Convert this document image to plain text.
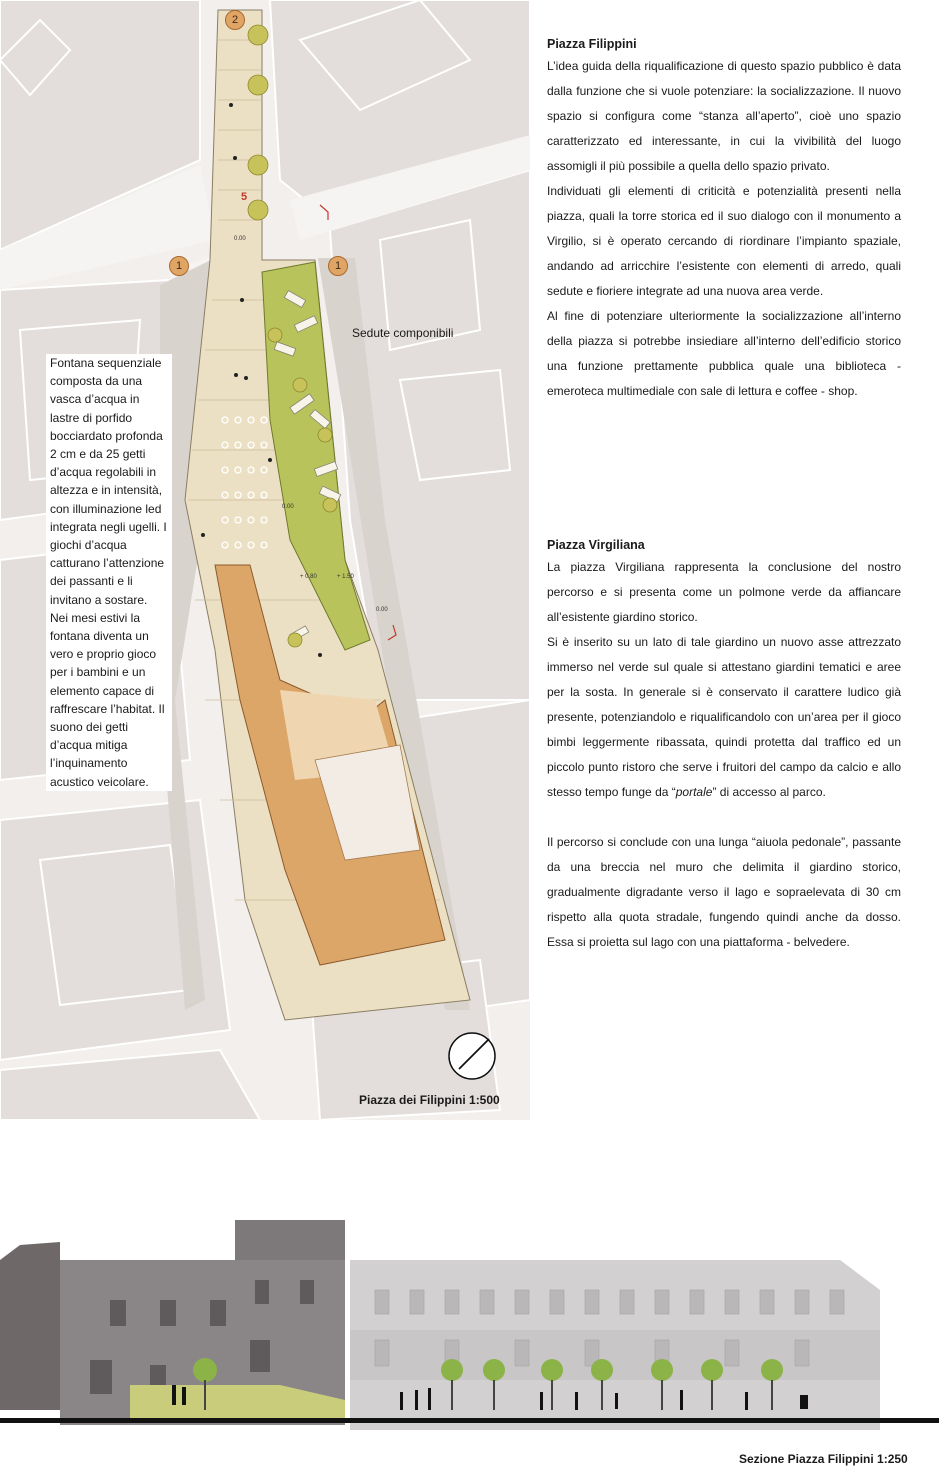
0.00
0.00
+ 0.80	+ 1.50
0.00
5
2
1	1
Sedute componibili
Fontana sequenziale composta da una vasca d’acqua in lastre di porfido bocciardato profonda 2 cm e da 25 getti d’acqua regolabili in altezza e in intensità, con illuminazione led integrata negli ugelli. I giochi d’acqua catturano l’attenzione dei passanti e li invitano a sostare. Nei mesi estivi la fontana diventa un vero e proprio gioco per i bambini e un elemento capace di raffrescare l’habitat. Il suono dei getti d’acqua mitiga l’inquinamento acustico veicolare.
Piazza dei Filippini 1:500
Piazza Filippini

L’idea guida della riqualificazione di questo spazio pubblico è data dalla funzione che si vuole potenziare: la socializzazione. Il nuovo spazio si configura come “stanza all’aperto”, cioè uno spazio caratterizzato ed interessante, in cui la vivibilità del luogo assomigli il più possibile a quella dello spazio privato.

Individuati gli elementi di criticità e potenzialità presenti nella piazza, quali la torre storica ed il suo dialogo con il monumento a Virgilio, si è operato cercando di riordinare l’impianto spaziale, andando ad arricchire l’esistente con elementi di arredo, quali sedute e fioriere integrate ad una nuova area verde.

Al fine di potenziare ulteriormente la socializzazione all’interno della piazza si potrebbe insiediare all’interno dell’edificio storico una funzione prettamente pubblica quale una biblioteca - emeroteca multimediale con sale di lettura e coffee - shop.

Piazza Virgiliana

La piazza Virgiliana rappresenta la conclusione del nostro percorso e si presenta come un polmone verde da affiancare all’esistente giardino storico.

Si è inserito su un lato di tale giardino un nuovo asse attrezzato immerso nel verde sul quale si attestano giardini tematici e aree per la sosta. In generale si è conservato il carattere ludico già presente, potenziandolo e riqualificandolo con un’area per il gioco bimbi leggermente ribassata, quindi protetta dal traffico ed un piccolo punto ristoro che serve i fruitori del campo da calcio e allo stesso tempo funge da “portale” di accesso al parco.

Il percorso si conclude con una lunga “aiuola pedonale”, passante da una breccia nel muro che delimita il giardino storico, gradualmente digradante verso il lago e sopraelevata di 30 cm rispetto alla quota stradale, fungendo quindi anche da dosso. Essa si proietta sul lago con una piattaforma - belvedere.

Sezione Piazza Filippini 1:250
